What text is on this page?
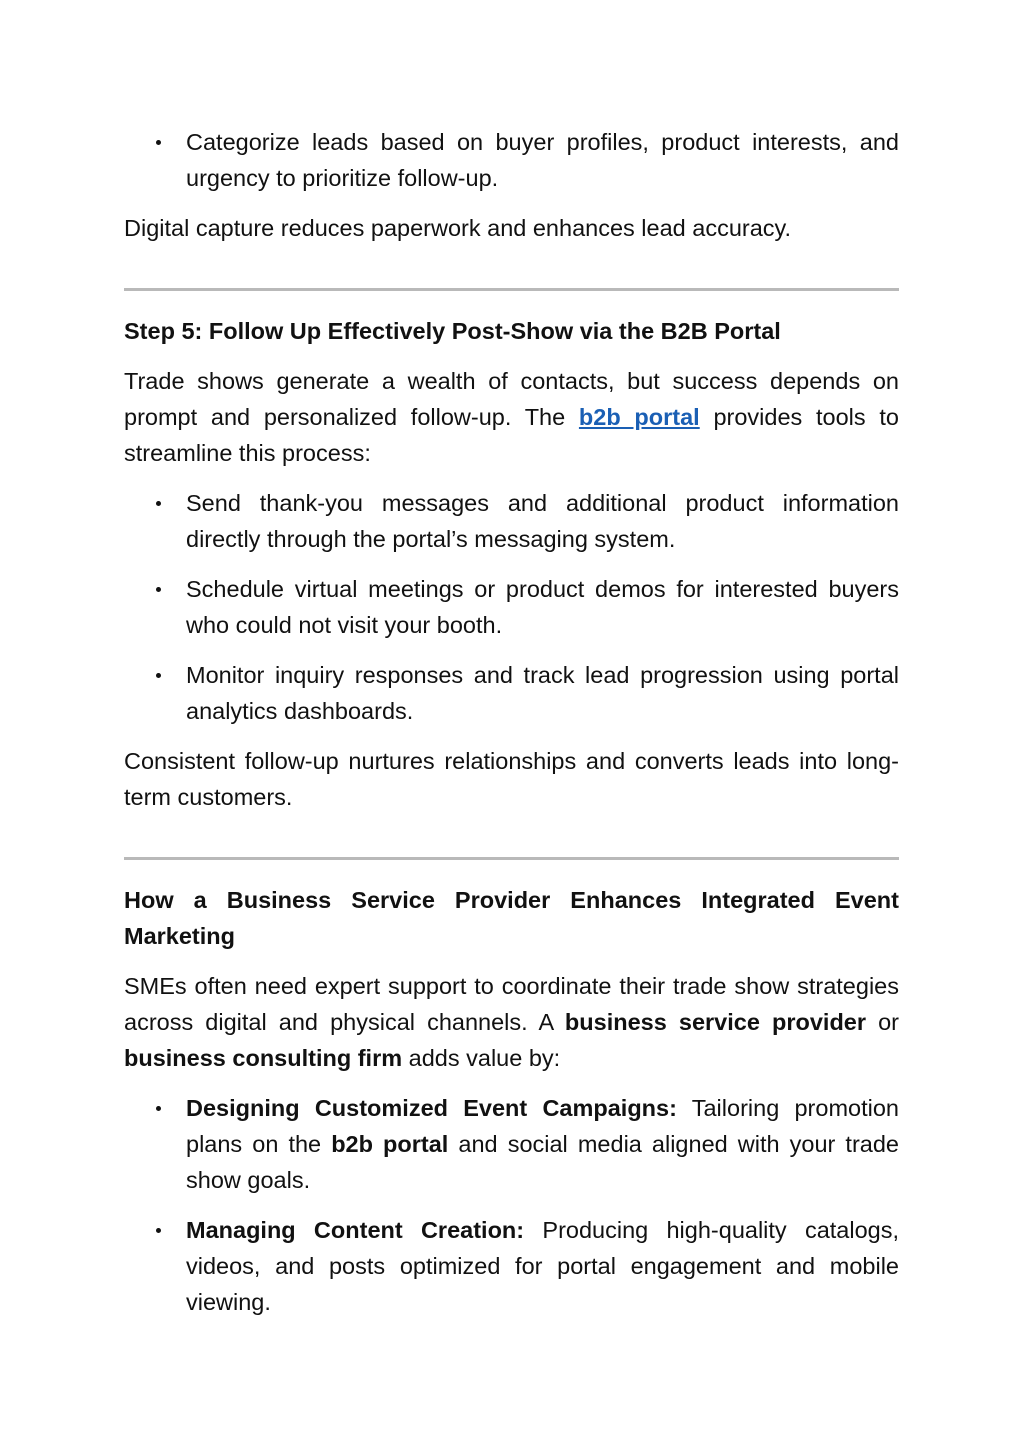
Categorize leads based on buyer profiles, product interests, and urgency to prioritize follow-up.

Digital capture reduces paperwork and enhances lead accuracy.

Step 5: Follow Up Effectively Post-Show via the B2B Portal

Trade shows generate a wealth of contacts, but success depends on prompt and personalized follow-up. The b2b portal provides tools to streamline this process:

Send thank-you messages and additional product information directly through the portal’s messaging system.
Schedule virtual meetings or product demos for interested buyers who could not visit your booth.
Monitor inquiry responses and track lead progression using portal analytics dashboards.

Consistent follow-up nurtures relationships and converts leads into long-term customers.

How a Business Service Provider Enhances Integrated Event Marketing

SMEs often need expert support to coordinate their trade show strategies across digital and physical channels. A business service provider or business consulting firm adds value by:

Designing Customized Event Campaigns: Tailoring promotion plans on the b2b portal and social media aligned with your trade show goals.
Managing Content Creation: Producing high-quality catalogs, videos, and posts optimized for portal engagement and mobile viewing.
